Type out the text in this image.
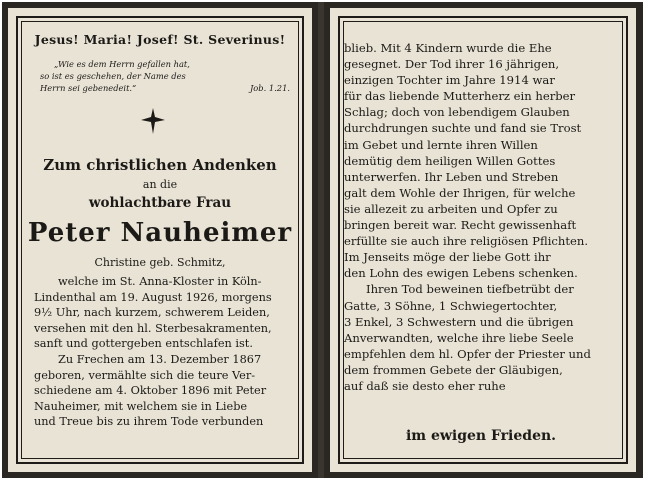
Jesus! Maria! Josef! St. Severinus!
„Wie es dem Herrn gefallen hat,
so ist es geschehen, der Name des
Herrn sei gebenedeit.“	Job. 1.21.
Zum christlichen Andenken
an die
wohlachtbare Frau
Peter Nauheimer
Christine geb. Schmitz,
welche im St. Anna-Kloster in Köln-
Lindenthal am 19. August 1926, morgens
9½ Uhr, nach kurzem, schwerem Leiden,
versehen mit den hl. Sterbesakramenten,
sanft und gottergeben entschlafen ist.
Zu Frechen am 13. Dezember 1867
geboren, vermählte sich die teure Ver-
schiedene am 4. Oktober 1896 mit Peter
Nauheimer, mit welchem sie in Liebe
und Treue bis zu ihrem Tode verbunden
blieb. Mit 4 Kindern wurde die Ehe
gesegnet. Der Tod ihrer 16 jährigen,
einzigen Tochter im Jahre 1914 war
für das liebende Mutterherz ein herber
Schlag; doch von lebendigem Glauben
durchdrungen suchte und fand sie Trost
im Gebet und lernte ihren Willen
demütig dem heiligen Willen Gottes
unterwerfen. Ihr Leben und Streben
galt dem Wohle der Ihrigen, für welche
sie allezeit zu arbeiten und Opfer zu
bringen bereit war. Recht gewissenhaft
erfüllte sie auch ihre religiösen Pflichten.
Im Jenseits möge der liebe Gott ihr
den Lohn des ewigen Lebens schenken.
Ihren Tod beweinen tiefbetrübt der
Gatte, 3 Söhne, 1 Schwiegertochter,
3 Enkel, 3 Schwestern und die übrigen
Anverwandten, welche ihre liebe Seele
empfehlen dem hl. Opfer der Priester und
dem frommen Gebete der Gläubigen,
auf daß sie desto eher ruhe
im ewigen Frieden.
